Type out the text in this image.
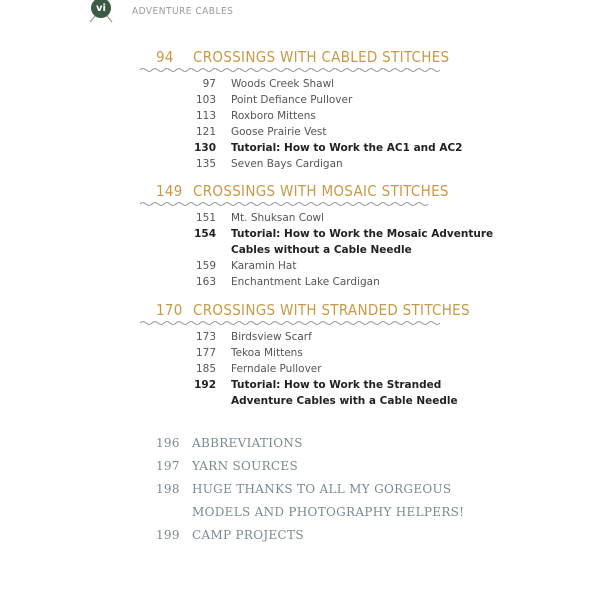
vi	ADVENTURE CABLES
94	CROSSINGS WITH CABLED STITCHES
97	Woods Creek Shawl
103	Point Defiance Pullover
113	Roxboro Mittens
121	Goose Prairie Vest
130	Tutorial: How to Work the AC1 and AC2
135	Seven Bays Cardigan
149 CROSSINGS WITH MOSAIC STITCHES
151	Mt. Shuksan Cowl
154	Tutorial: How to Work the Mosaic Adventure Cables without a Cable Needle
159	Karamin Hat
163	Enchantment Lake Cardigan
170 CROSSINGS WITH STRANDED STITCHES
173	Birdsview Scarf
177	Tekoa Mittens
185	Ferndale Pullover
192	Tutorial: How to Work the Stranded Adventure Cables with a Cable Needle
196	ABBREVIATIONS
197	YARN SOURCES
198	HUGE THANKS TO ALL MY GORGEOUS MODELS AND PHOTOGRAPHY HELPERS!
199	CAMP PROJECTS
